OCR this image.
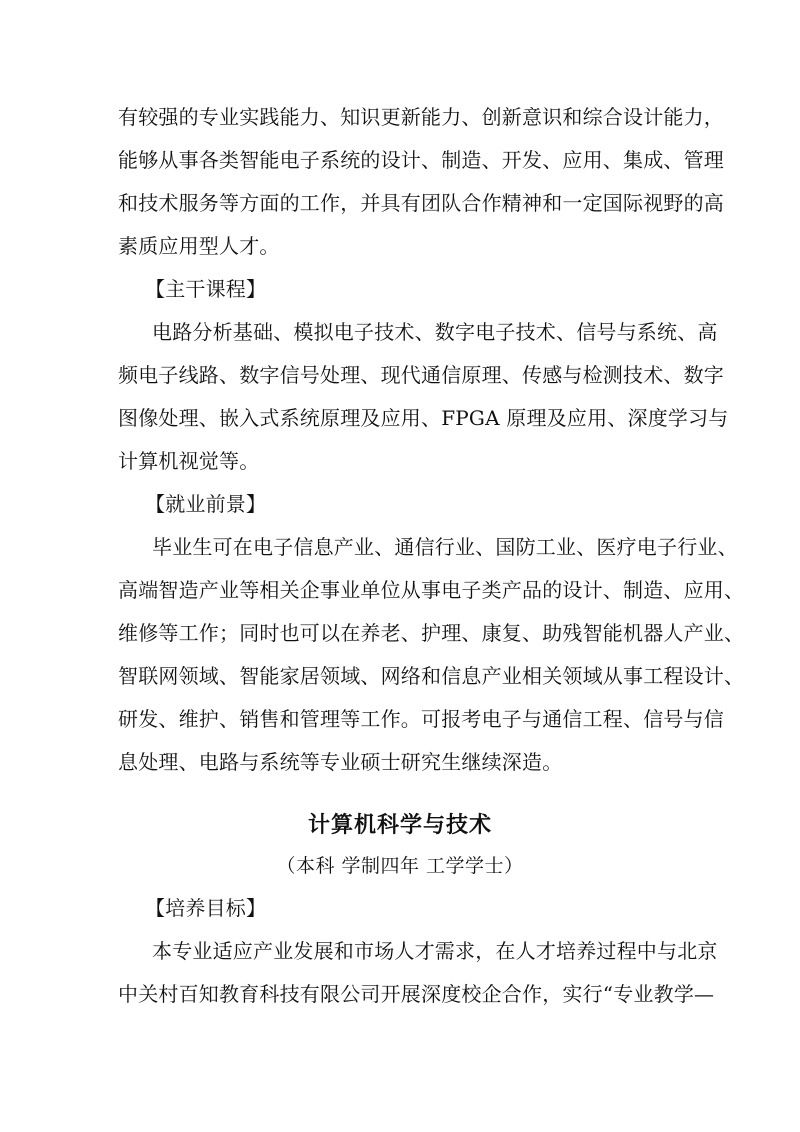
有较强的专业实践能力、知识更新能力、创新意识和综合设计能力，
能够从事各类智能电子系统的设计、制造、开发、应用、集成、管理
和技术服务等方面的工作，并具有团队合作精神和一定国际视野的高
素质应用型人才。
【主干课程】
电路分析基础、模拟电子技术、数字电子技术、信号与系统、高
频电子线路、数字信号处理、现代通信原理、传感与检测技术、数字
图像处理、嵌入式系统原理及应用、FPGA 原理及应用、深度学习与
计算机视觉等。
【就业前景】
毕业生可在电子信息产业、通信行业、国防工业、医疗电子行业、
高端智造产业等相关企事业单位从事电子类产品的设计、制造、应用、
维修等工作；同时也可以在养老、护理、康复、助残智能机器人产业、
智联网领域、智能家居领域、网络和信息产业相关领域从事工程设计、
研发、维护、销售和管理等工作。可报考电子与通信工程、信号与信
息处理、电路与系统等专业硕士研究生继续深造。
计算机科学与技术
（本科 学制四年 工学学士）
【培养目标】
本专业适应产业发展和市场人才需求，在人才培养过程中与北京
中关村百知教育科技有限公司开展深度校企合作，实行“专业教学—
